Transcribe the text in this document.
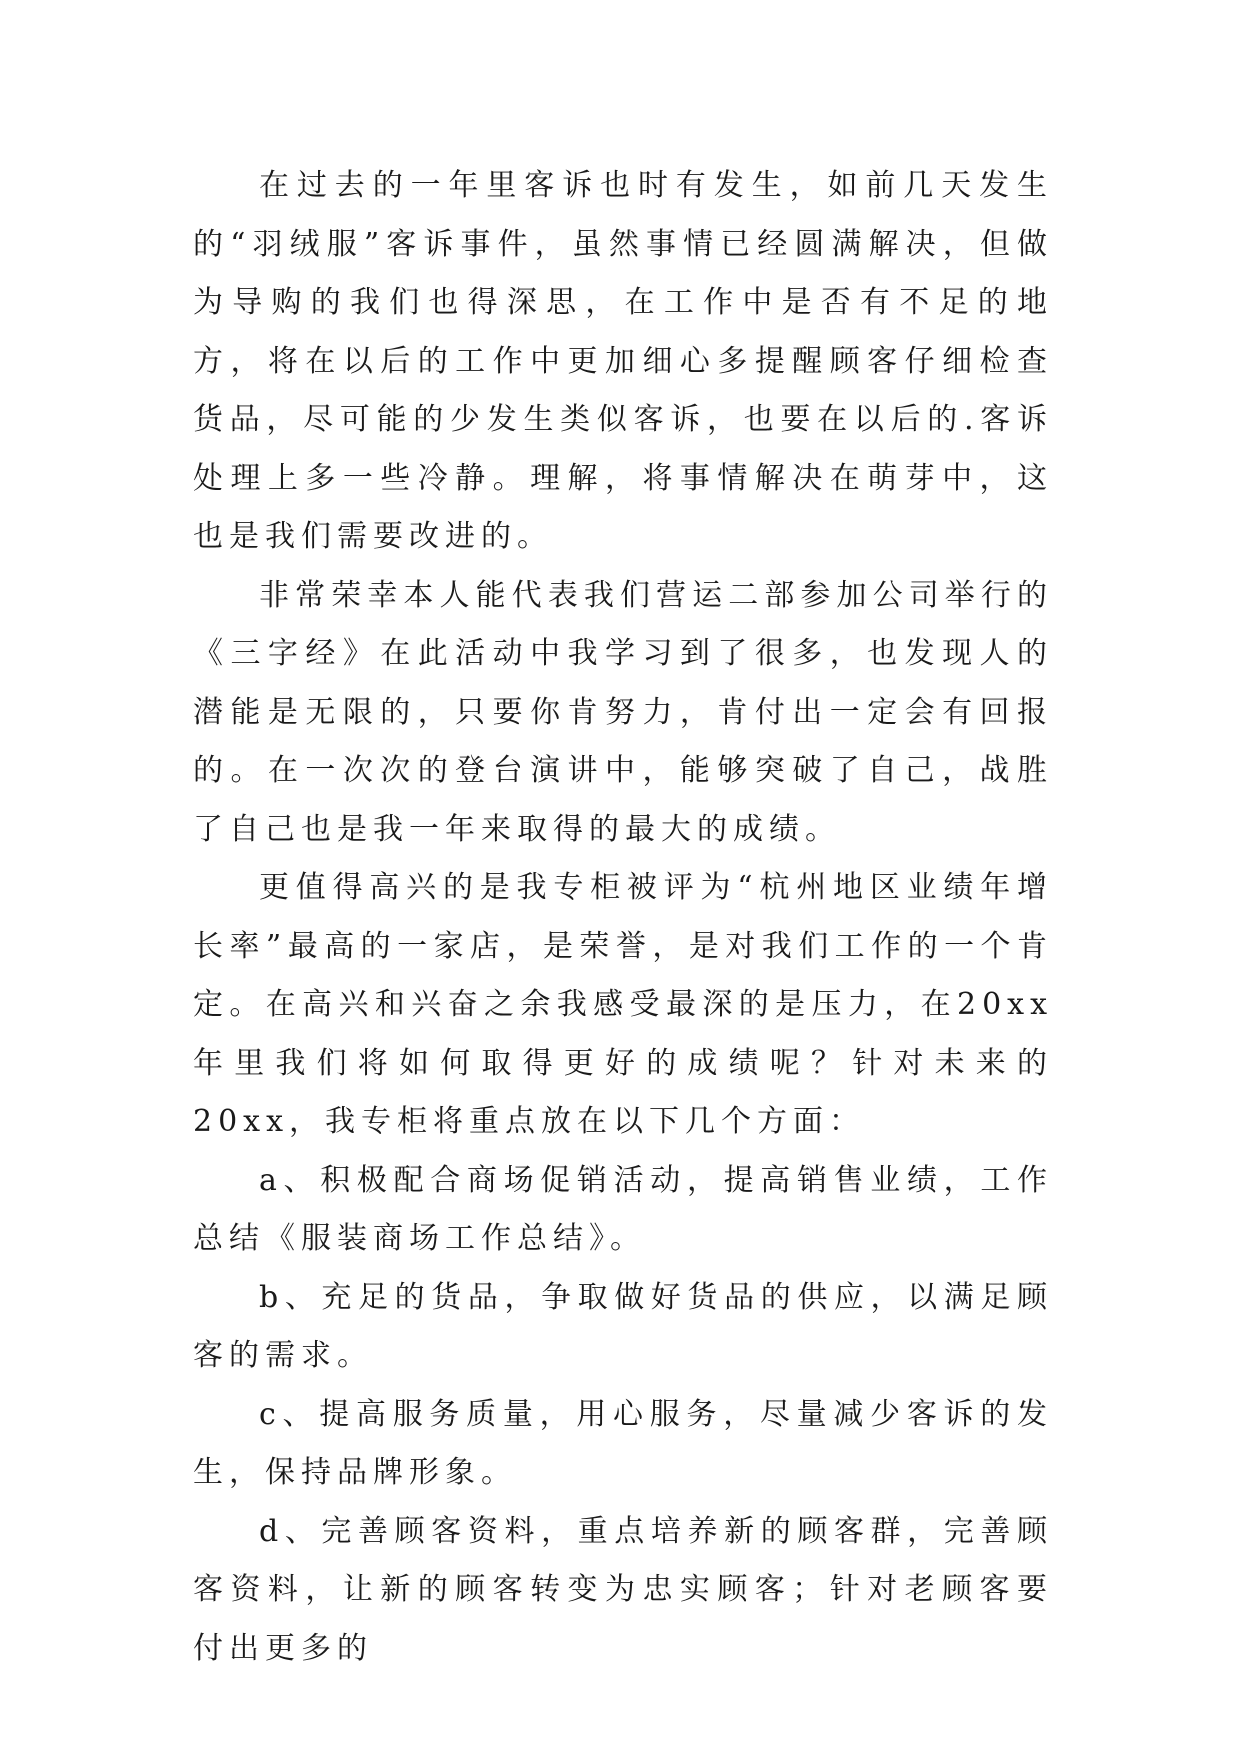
在过去的一年里客诉也时有发生，如前几天发生的“羽绒服”客诉事件，虽然事情已经圆满解决，但做为导购的我们也得深思，在工作中是否有不足的地方，将在以后的工作中更加细心多提醒顾客仔细检查货品，尽可能的少发生类似客诉，也要在以后的.客诉处理上多一些冷静。理解，将事情解决在萌芽中，这也是我们需要改进的。

非常荣幸本人能代表我们营运二部参加公司举行的《三字经》在此活动中我学习到了很多，也发现人的潜能是无限的，只要你肯努力，肯付出一定会有回报的。在一次次的登台演讲中，能够突破了自己，战胜了自己也是我一年来取得的最大的成绩。

更值得高兴的是我专柜被评为“杭州地区业绩年增长率”最高的一家店，是荣誉，是对我们工作的一个肯定。在高兴和兴奋之余我感受最深的是压力，在20xx年里我们将如何取得更好的成绩呢？针对未来的20xx，我专柜将重点放在以下几个方面：

a、积极配合商场促销活动，提高销售业绩，工作总结《服装商场工作总结》。

b、充足的货品，争取做好货品的供应，以满足顾客的需求。

c、提高服务质量，用心服务，尽量减少客诉的发生，保持品牌形象。

d、完善顾客资料，重点培养新的顾客群，完善顾客资料，让新的顾客转变为忠实顾客；针对老顾客要付出更多的
